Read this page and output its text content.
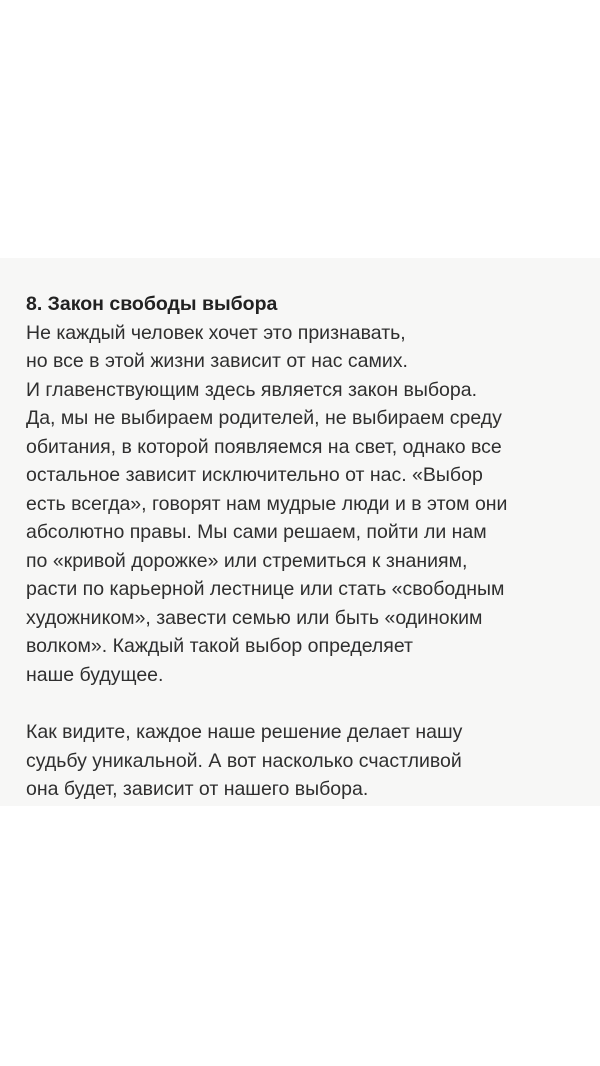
8. Закон свободы выбора
Не каждый человек хочет это признавать,
но все в этой жизни зависит от нас самих.
И главенствующим здесь является закон выбора.
Да, мы не выбираем родителей, не выбираем среду
обитания, в которой появляемся на свет, однако все
остальное зависит исключительно от нас. «Выбор
есть всегда», говорят нам мудрые люди и в этом они
абсолютно правы. Мы сами решаем, пойти ли нам
по «кривой дорожке» или стремиться к знаниям,
расти по карьерной лестнице или стать «свободным
художником», завести семью или быть «одиноким
волком». Каждый такой выбор определяет
наше будущее.
Как видите, каждое наше решение делает нашу
судьбу уникальной. А вот насколько счастливой
она будет, зависит от нашего выбора.
